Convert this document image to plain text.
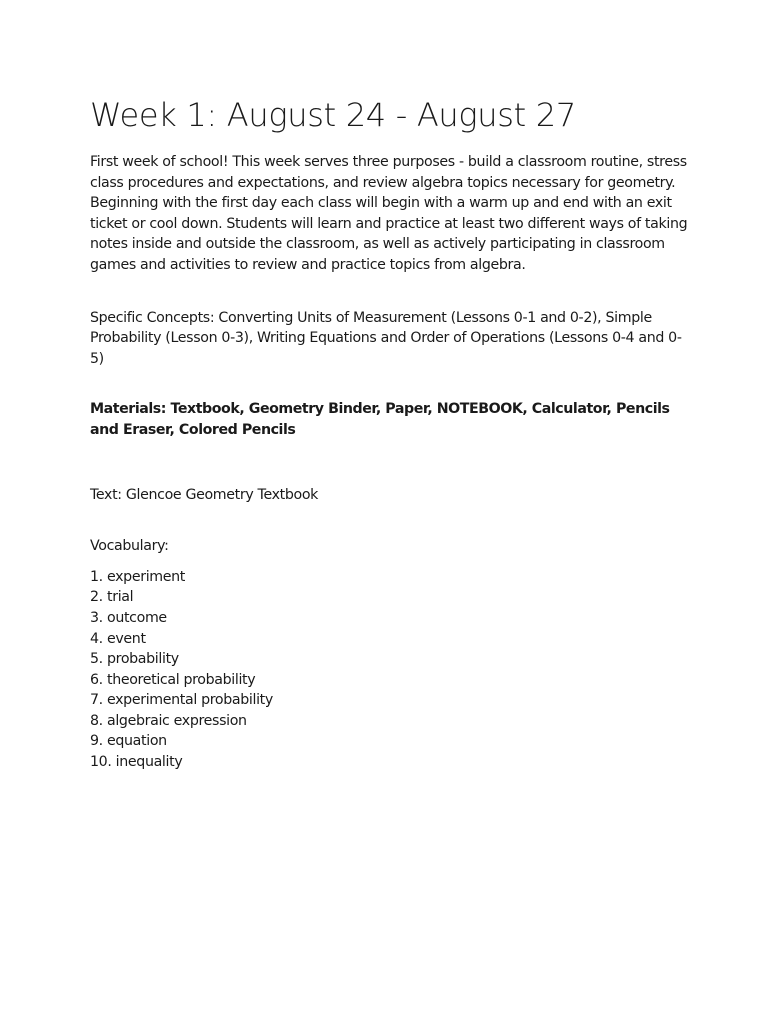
Week 1: August 24 - August 27

First week of school! This week serves three purposes - build a classroom routine, stress class procedures and expectations, and review algebra topics necessary for geometry. Beginning with the first day each class will begin with a warm up and end with an exit ticket or cool down. Students will learn and practice at least two different ways of taking notes inside and outside the classroom, as well as actively participating in classroom games and activities to review and practice topics from algebra.

Specific Concepts: Converting Units of Measurement (Lessons 0-1 and 0-2), Simple Probability (Lesson 0-3), Writing Equations and Order of Operations (Lessons 0-4 and 0-5)

Materials: Textbook, Geometry Binder, Paper, NOTEBOOK, Calculator, Pencils and Eraser, Colored Pencils

Text: Glencoe Geometry Textbook

Vocabulary:

1. experiment
2. trial
3. outcome
4. event
5. probability
6. theoretical probability
7. experimental probability
8. algebraic expression
9. equation
10. inequality
